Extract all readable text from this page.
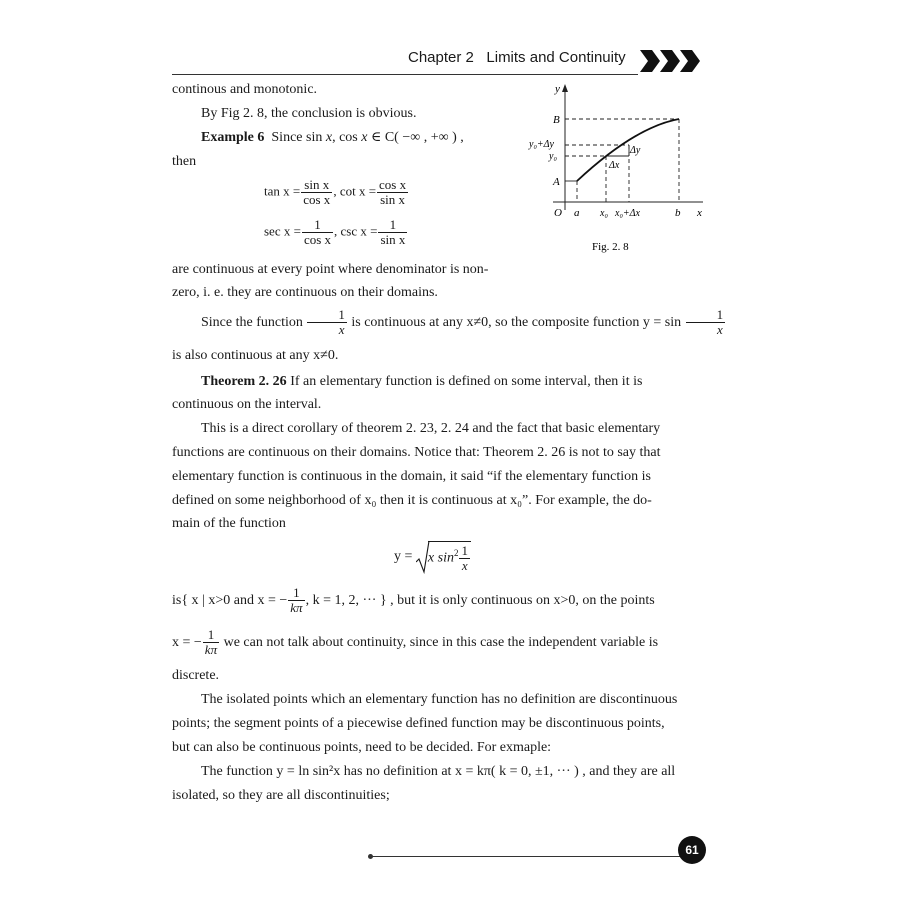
Chapter 2 Limits and Continuity
y
B
y₀+Δy
y₀
A
Δy
Δx
O a x₀ x₀+Δx	b x
Fig. 2. 8
continous and monotonic.
By Fig 2. 8, the conclusion is obvious.
Example 6 Since sin x, cos x ∈ C( −∞ , +∞ ) ,
then
$\tan x = \frac{\text{sin x}}{\text{cos x}}$ , $\cot x = \frac{\text{cos x}}{\text{sin x}}$
$\sec x = \frac{1}{\text{cos x}}$ , $\csc x = \frac{1}{\text{sin x}}$
are continuous at every point where denominator is non-
zero, i. e. they are continuous on their domains.
Since the function $\frac{1}{x}$ is continuous at any x≠0, so the composite function $y = \sin \frac{1}{x}$
is also continuous at any x≠0.
Theorem 2. 26 If an elementary function is defined on some interval, then it is
continuous on the interval.
This is a direct corollary of theorem 2. 23, 2. 24 and the fact that basic elementary
functions are continuous on their domains. Notice that: Theorem 2. 26 is not to say that
elementary function is continuous in the domain, it said “if the elementary function is
defined on some neighborhood of x₀ then it is continuous at x₀”. For example, the do-
main of the function
y = x $\sin^2 \frac{1}{x}$
is{ x | x>0 and x = − $\frac{1}{k\pi}$ , k = 1, 2, ··· } , but it is only continuous on x>0, on the points
x = − $\frac{1}{k\pi}$ we can not talk about continuity, since in this case the independent variable is
discrete.
The isolated points which an elementary function has no definition are discontinuous
points; the segment points of a piecewise defined function may be discontinuous points,
but can also be continuous points, need to be decided. For exmaple:
The function y = ln sin²x has no definition at x = kπ( k = 0, ±1, ··· ) , and they are all
isolated, so they are all discontinuities;
61
